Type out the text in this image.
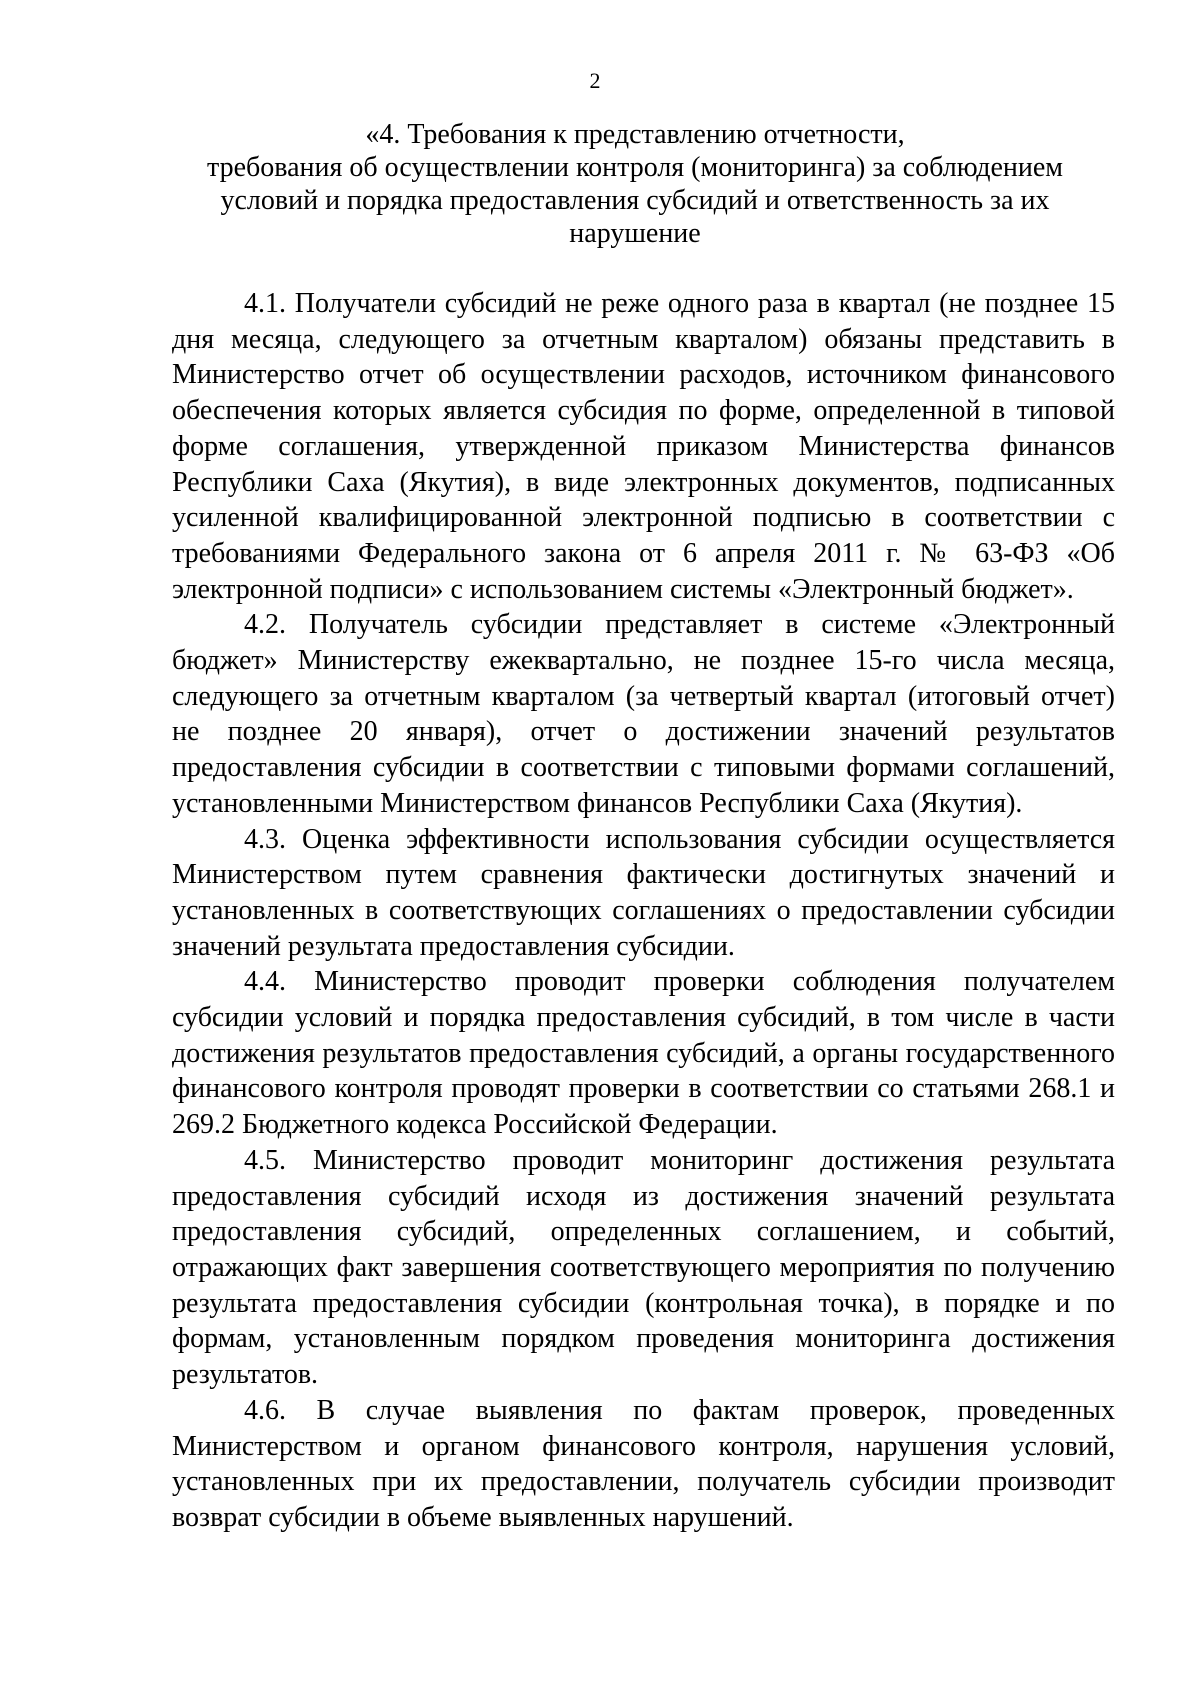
2
«4. Требования к представлению отчетности,
требования об осуществлении контроля (мониторинга) за соблюдением
условий и порядка предоставления субсидий и ответственность за их
нарушение

4.1. Получатели субсидий не реже одного раза в квартал (не позднее 15 дня месяца, следующего за отчетным кварталом) обязаны представить в Министерство отчет об осуществлении расходов, источником финансового обеспечения которых является субсидия по форме, определенной в типовой форме соглашения, утвержденной приказом Министерства финансов Республики Саха (Якутия), в виде электронных документов, подписанных усиленной квалифицированной электронной подписью в соответствии с требованиями Федерального закона от 6 апреля 2011 г. № 63-ФЗ «Об электронной подписи» с использованием системы «Электронный бюджет».

4.2. Получатель субсидии представляет в системе «Электронный бюджет» Министерству ежеквартально, не позднее 15-го числа месяца, следующего за отчетным кварталом (за четвертый квартал (итоговый отчет) не позднее 20 января), отчет о достижении значений результатов предоставления субсидии в соответствии с типовыми формами соглашений, установленными Министерством финансов Республики Саха (Якутия).

4.3. Оценка эффективности использования субсидии осуществляется Министерством путем сравнения фактически достигнутых значений и установленных в соответствующих соглашениях о предоставлении субсидии значений результата предоставления субсидии.

4.4. Министерство проводит проверки соблюдения получателем субсидии условий и порядка предоставления субсидий, в том числе в части достижения результатов предоставления субсидий, а органы государственного финансового контроля проводят проверки в соответствии со статьями 268.1 и 269.2 Бюджетного кодекса Российской Федерации.

4.5. Министерство проводит мониторинг достижения результата предоставления субсидий исходя из достижения значений результата предоставления субсидий, определенных соглашением, и событий, отражающих факт завершения соответствующего мероприятия по получению результата предоставления субсидии (контрольная точка), в порядке и по формам, установленным порядком проведения мониторинга достижения результатов.

4.6. В случае выявления по фактам проверок, проведенных Министерством и органом финансового контроля, нарушения условий, установленных при их предоставлении, получатель субсидии производит возврат субсидии в объеме выявленных нарушений.
